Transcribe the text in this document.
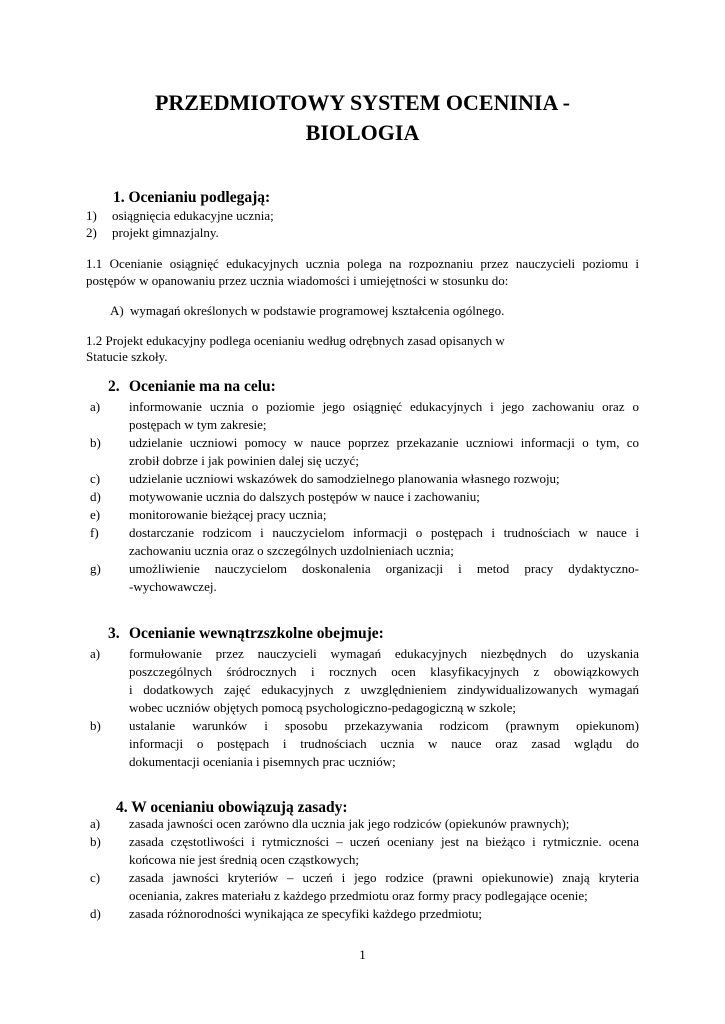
PRZEDMIOTOWY SYSTEM OCENINIA -
BIOLOGIA
1. Ocenianiu podlegają:
1) osiągnięcia edukacyjne ucznia;
2) projekt gimnazjalny.
1.1 Ocenianie osiągnięć edukacyjnych ucznia polega na rozpoznaniu przez nauczycieli poziomu i
postępów w opanowaniu przez ucznia wiadomości i umiejętności w stosunku do:
A) wymagań określonych w podstawie programowej kształcenia ogólnego.
1.2 Projekt edukacyjny podlega ocenianiu według odrębnych zasad opisanych w
Statucie szkoły.
2. Ocenianie ma na celu:
a) informowanie ucznia o poziomie jego osiągnięć edukacyjnych i jego zachowaniu oraz o
postępach w tym zakresie;
b) udzielanie uczniowi pomocy w nauce poprzez przekazanie uczniowi informacji o tym, co
zrobił dobrze i jak powinien dalej się uczyć;
c) udzielanie uczniowi wskazówek do samodzielnego planowania własnego rozwoju;
d) motywowanie ucznia do dalszych postępów w nauce i zachowaniu;
e) monitorowanie bieżącej pracy ucznia;
f) dostarczanie rodzicom i nauczycielom informacji o postępach i trudnościach w nauce i
zachowaniu ucznia oraz o szczególnych uzdolnieniach ucznia;
g) umożliwienie nauczycielom doskonalenia organizacji i metod pracy dydaktyczno-
-wychowawczej.
3. Ocenianie wewnątrzszkolne obejmuje:
a) formułowanie przez nauczycieli wymagań edukacyjnych niezbędnych do uzyskania
poszczególnych śródrocznych i rocznych ocen klasyfikacyjnych z obowiązkowych
i dodatkowych zajęć edukacyjnych z uwzględnieniem zindywidualizowanych wymagań
wobec uczniów objętych pomocą psychologiczno-pedagogiczną w szkole;
b) ustalanie warunków i sposobu przekazywania rodzicom (prawnym opiekunom)
informacji o postępach i trudnościach ucznia w nauce oraz zasad wglądu do
dokumentacji oceniania i pisemnych prac uczniów;
4. W ocenianiu obowiązują zasady:
a) zasada jawności ocen zarówno dla ucznia jak jego rodziców (opiekunów prawnych);
b) zasada częstotliwości i rytmiczności – uczeń oceniany jest na bieżąco i rytmicznie. ocena
końcowa nie jest średnią ocen cząstkowych;
c) zasada jawności kryteriów – uczeń i jego rodzice (prawni opiekunowie) znają kryteria
oceniania, zakres materiału z każdego przedmiotu oraz formy pracy podlegające ocenie;
d) zasada różnorodności wynikająca ze specyfiki każdego przedmiotu;
1
